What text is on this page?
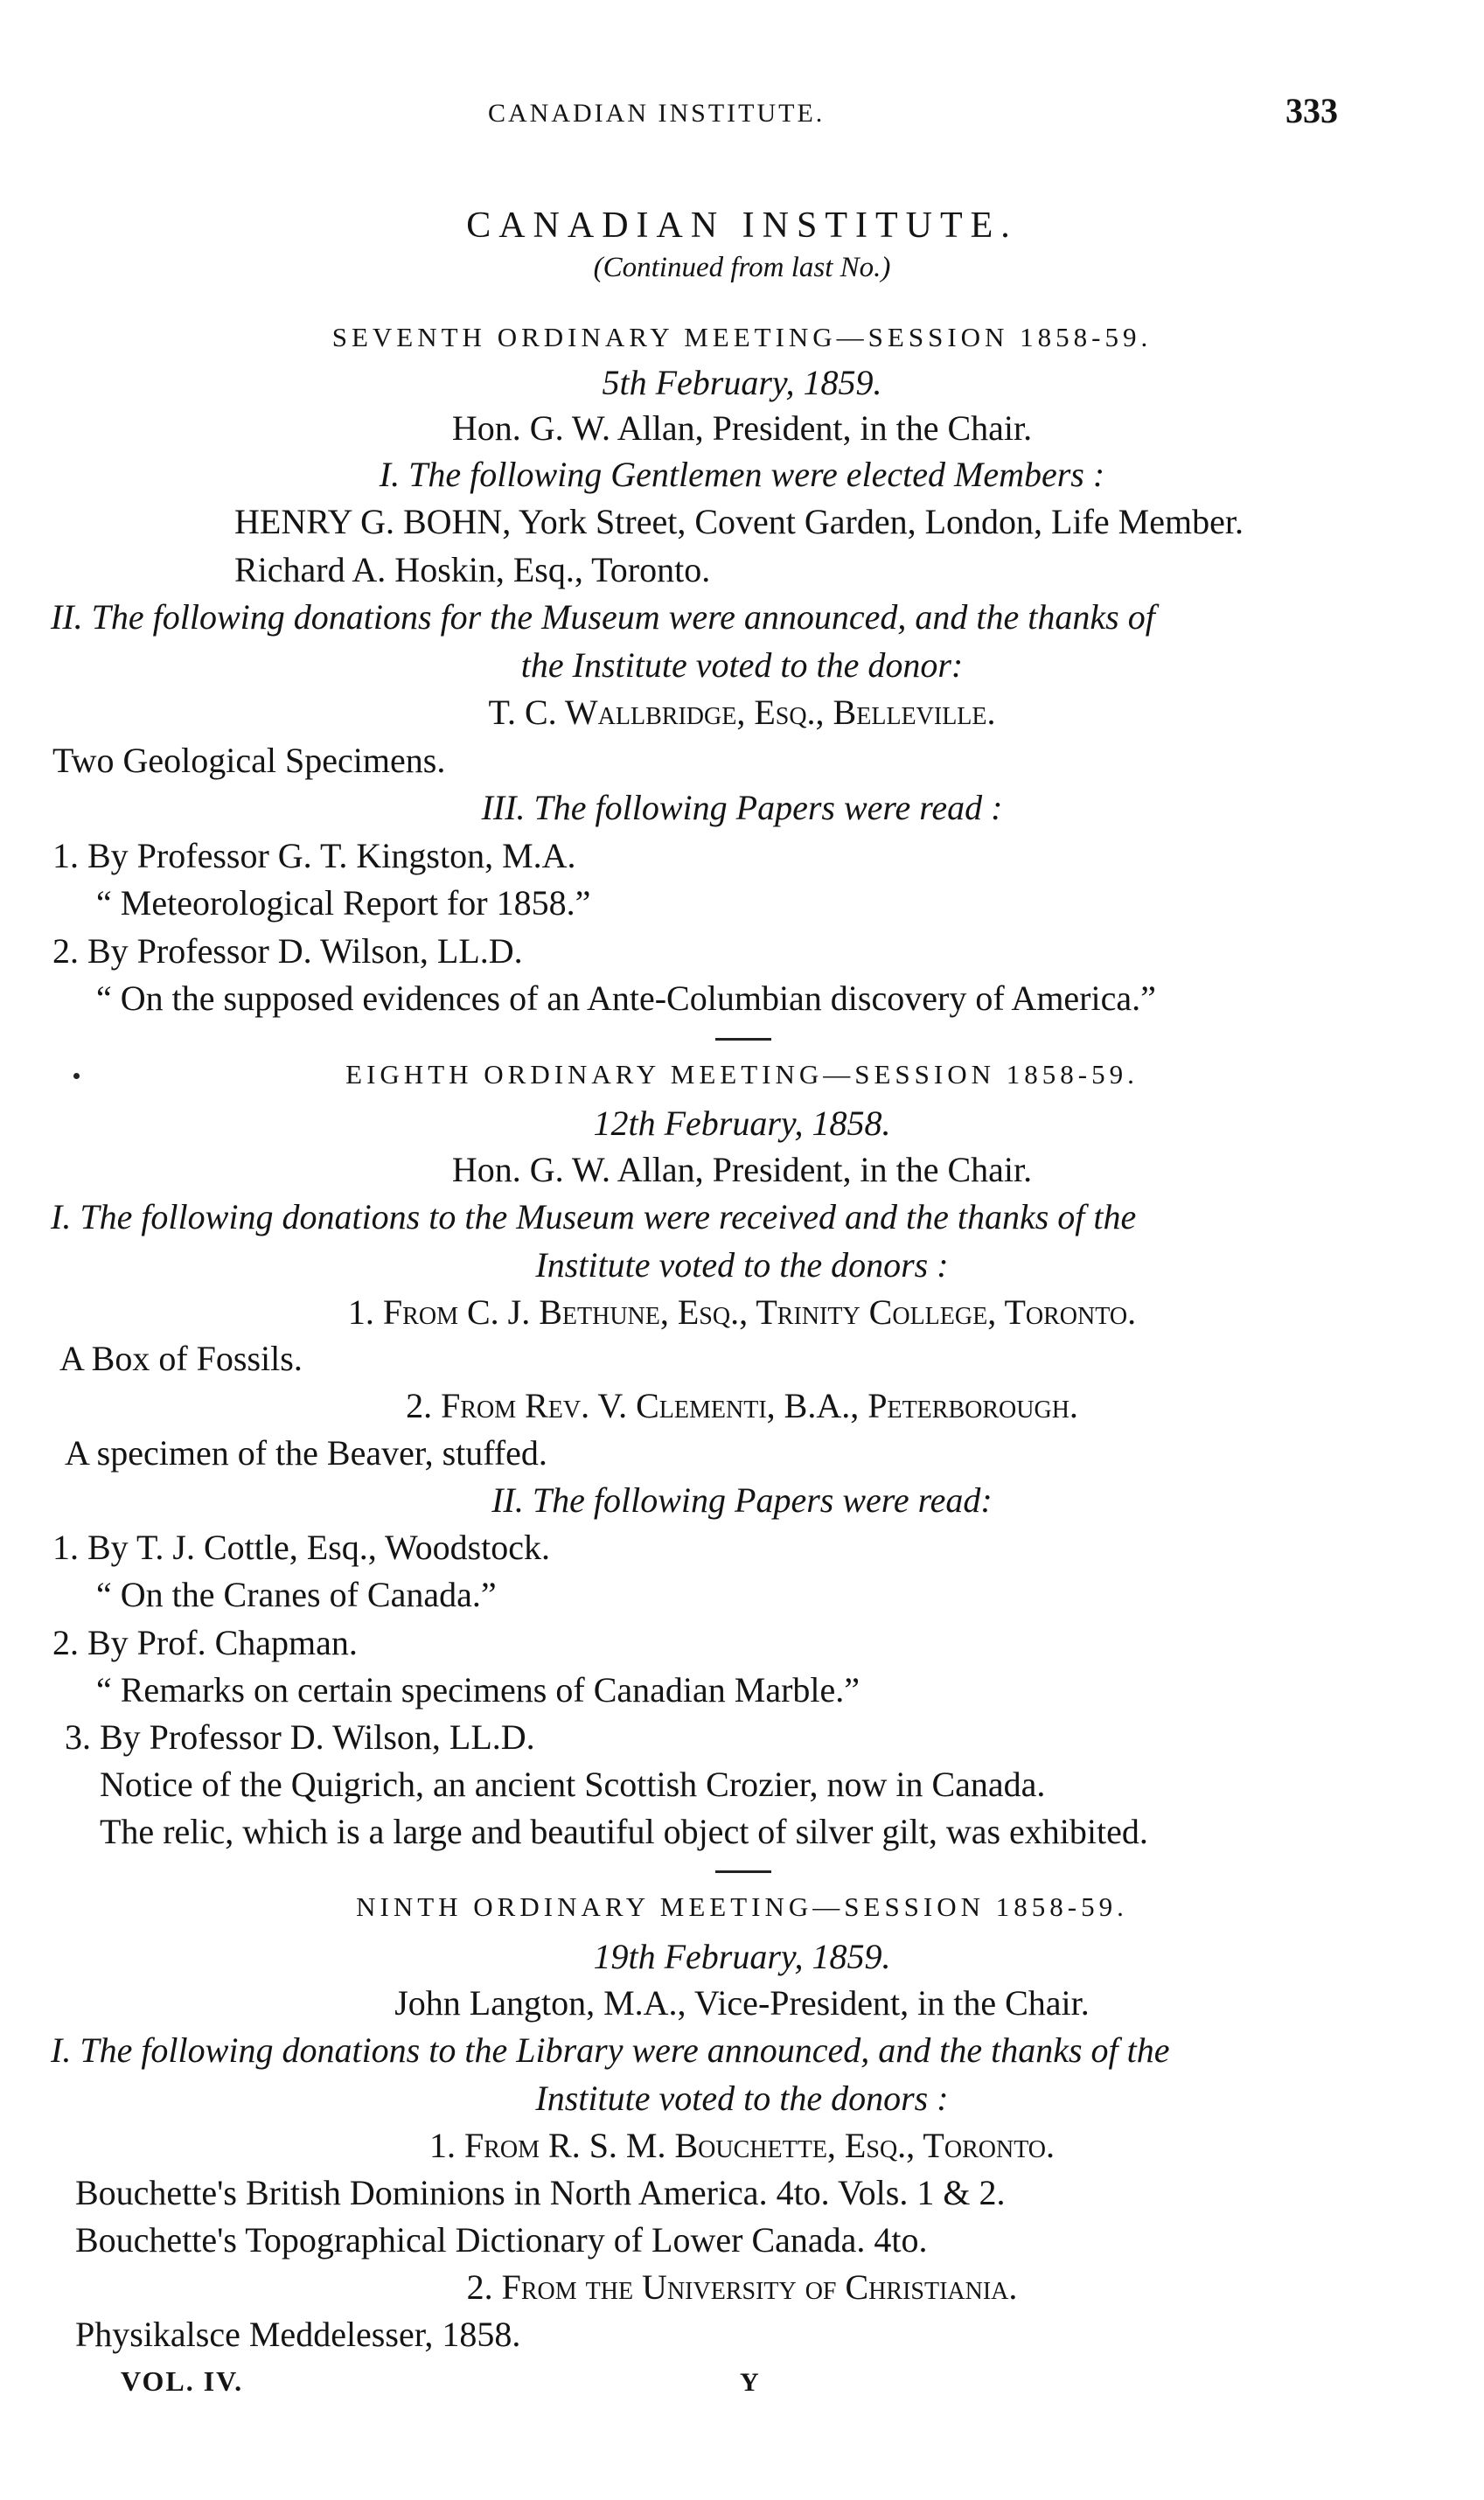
CANADIAN INSTITUTE.	333
CANADIAN INSTITUTE.
(Continued from last No.)
SEVENTH ORDINARY MEETING—SESSION 1858-59.
5th February, 1859.
Hon. G. W. Allan, President, in the Chair.
I. The following Gentlemen were elected Members :
HENRY G. BOHN, York Street, Covent Garden, London, Life Member.
Richard A. Hoskin, Esq., Toronto.
II. The following donations for the Museum were announced, and the thanks of
the Institute voted to the donor:
T. C. Wallbridge, Esq., Belleville.
Two Geological Specimens.
III. The following Papers were read :
1. By Professor G. T. Kingston, M.A.
“ Meteorological Report for 1858.”
2. By Professor D. Wilson, LL.D.
“ On the supposed evidences of an Ante-Columbian discovery of America.”
EIGHTH ORDINARY MEETING—SESSION 1858-59.
12th February, 1858.
Hon. G. W. Allan, President, in the Chair.
I. The following donations to the Museum were received and the thanks of the
Institute voted to the donors :
1. From C. J. Bethune, Esq., Trinity College, Toronto.
A Box of Fossils.
2. From Rev. V. Clementi, B.A., Peterborough.
A specimen of the Beaver, stuffed.
II. The following Papers were read:
1. By T. J. Cottle, Esq., Woodstock.
“ On the Cranes of Canada.”
2. By Prof. Chapman.
“ Remarks on certain specimens of Canadian Marble.”
3. By Professor D. Wilson, LL.D.
Notice of the Quigrich, an ancient Scottish Crozier, now in Canada.
The relic, which is a large and beautiful object of silver gilt, was exhibited.
NINTH ORDINARY MEETING—SESSION 1858-59.
19th February, 1859.
John Langton, M.A., Vice-President, in the Chair.
I. The following donations to the Library were announced, and the thanks of the
Institute voted to the donors :
1. From R. S. M. Bouchette, Esq., Toronto.
Bouchette's British Dominions in North America. 4to. Vols. 1 & 2.
Bouchette's Topographical Dictionary of Lower Canada. 4to.
2. From the University of Christiania.
Physikalsce Meddelesser, 1858.
VOL. IV.	Y
